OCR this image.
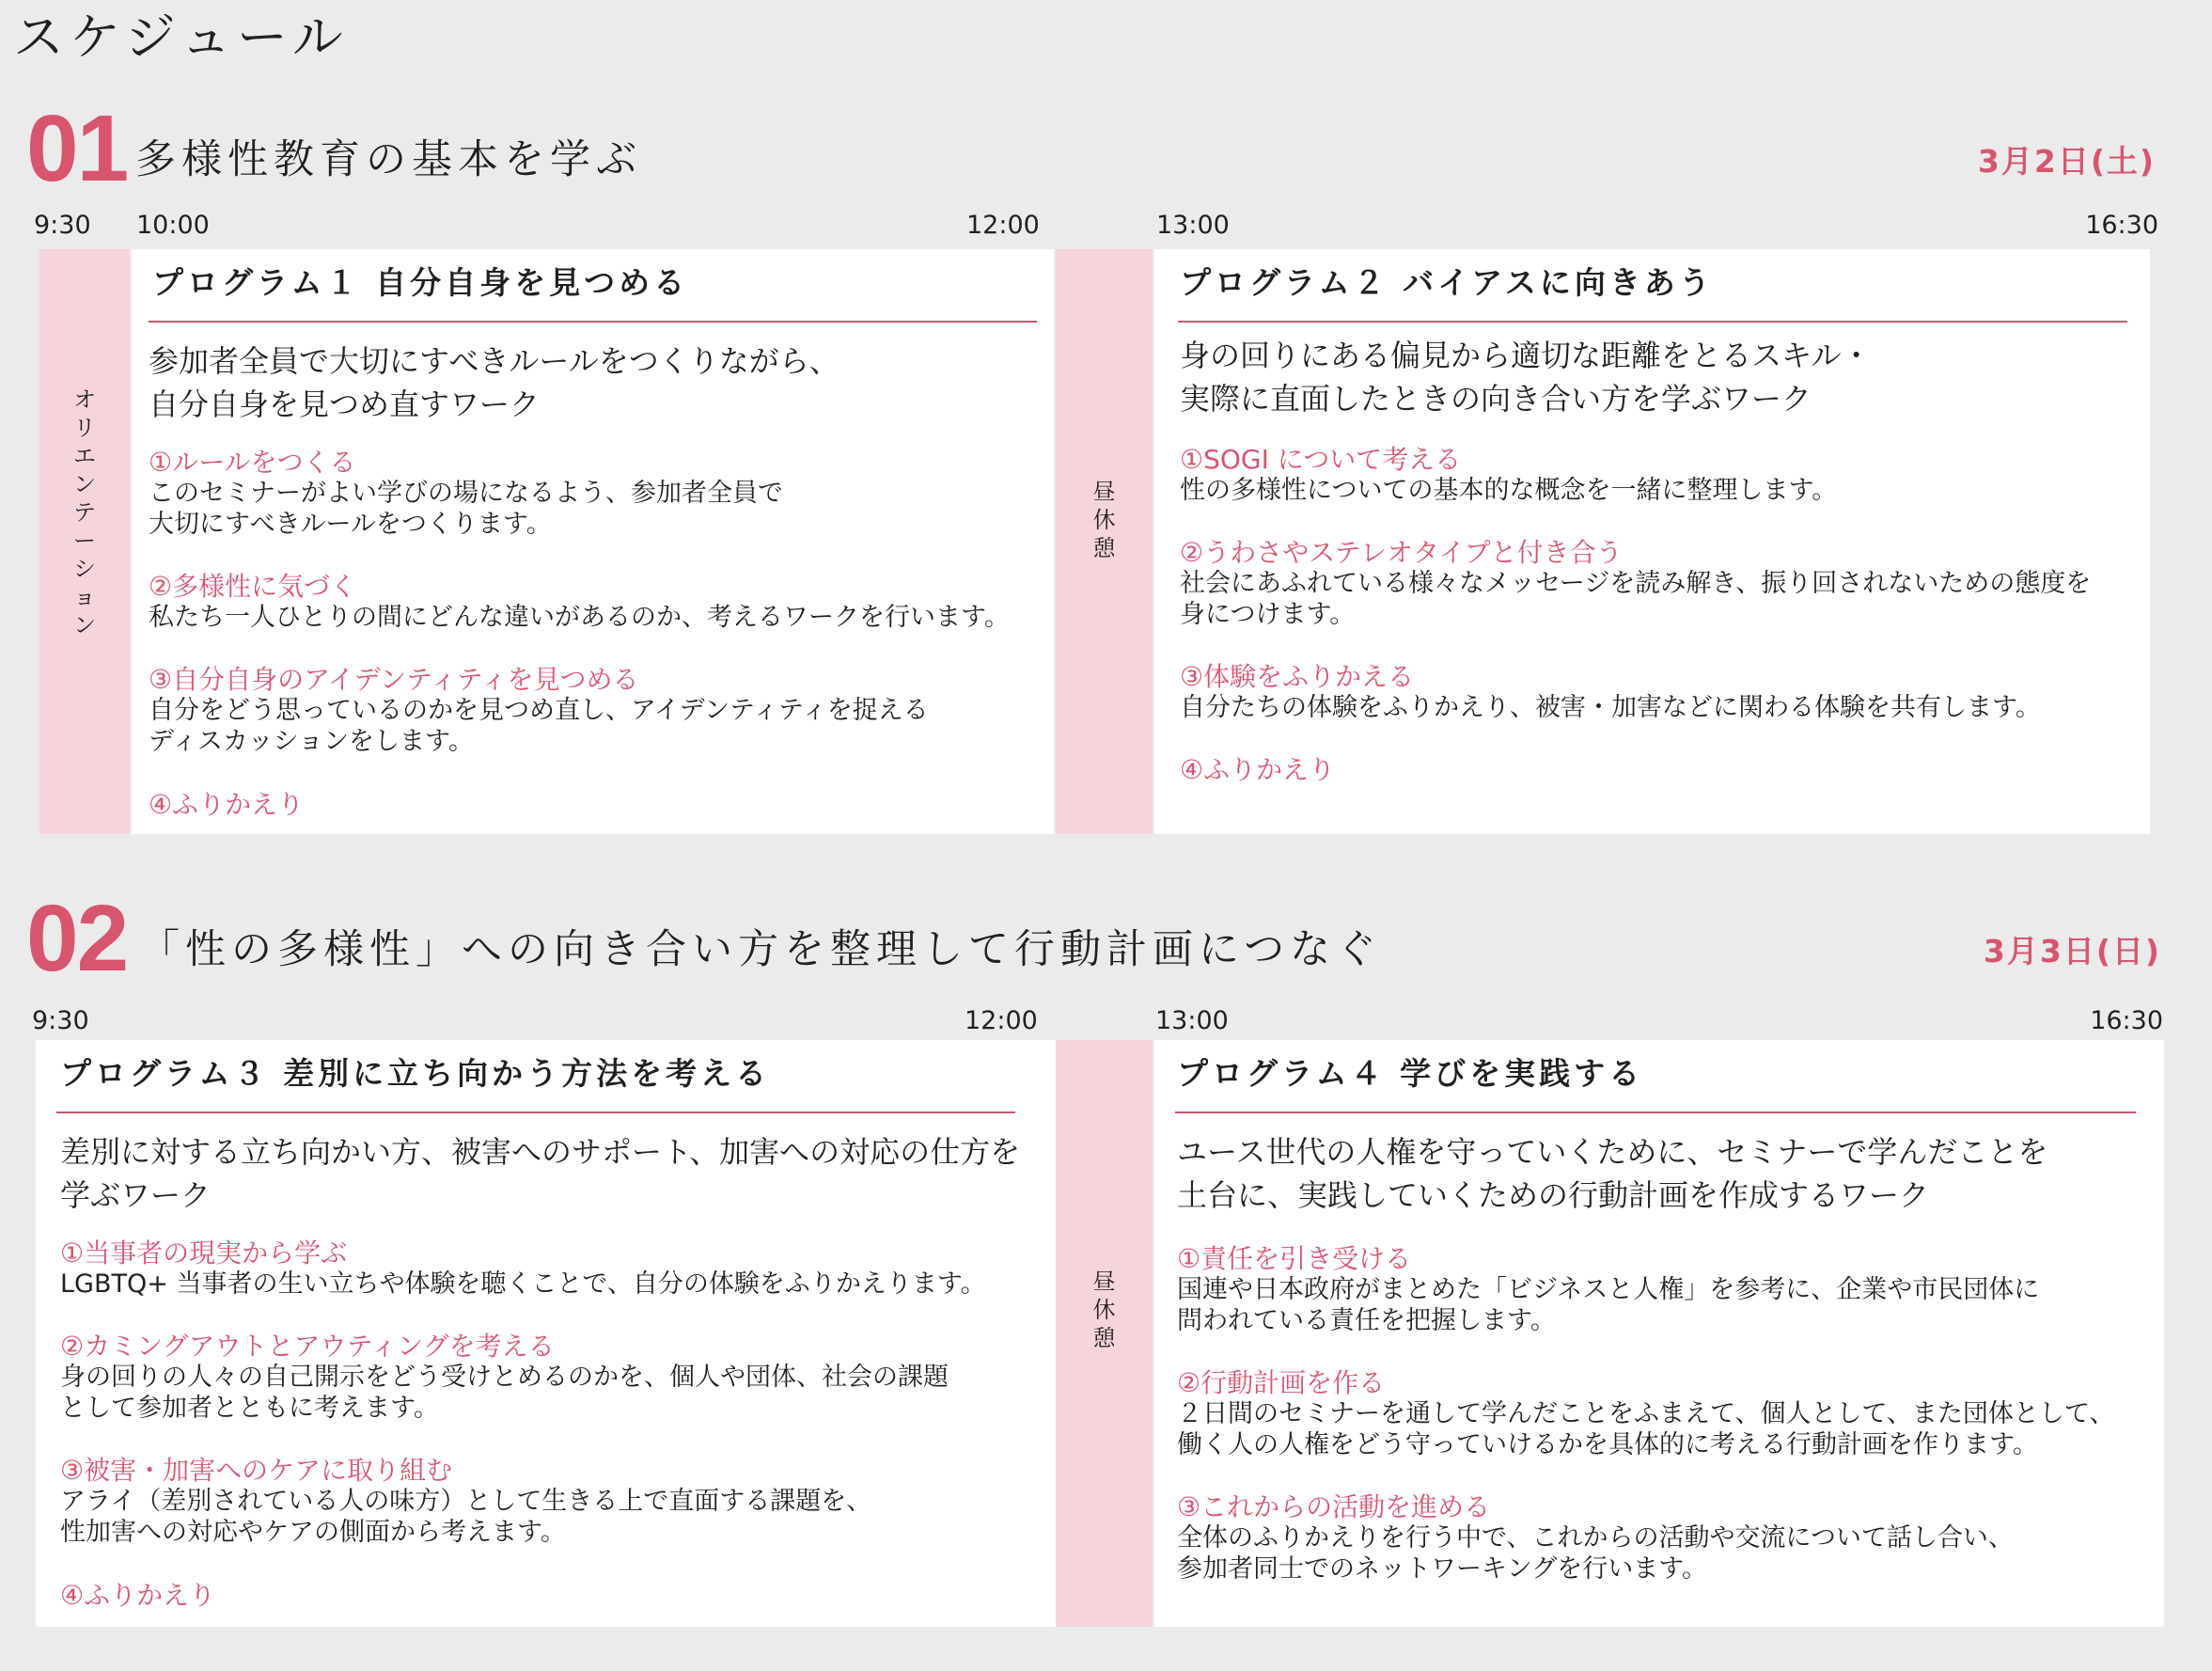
スケジュール
01 多様性教育の基本を学ぶ	3月2日(土)
9:30 10:00	12:00	13:00	16:30
オ
リ
エ
ン
テ
ー
シ
ョ
ン
プログラム１ 自分自身を見つめる
参加者全員で大切にすべきルールをつくりながら、
自分自身を見つめ直すワーク
①ルールをつくる
このセミナーがよい学びの場になるよう、参加者全員で
大切にすべきルールをつくります。
②多様性に気づく
私たち一人ひとりの間にどんな違いがあるのか、考えるワークを行います。
③自分自身のアイデンティティを見つめる
自分をどう思っているのかを見つめ直し、アイデンティティを捉える
ディスカッションをします。
④ふりかえり
昼
休
憩
プログラム２ バイアスに向きあう
身の回りにある偏見から適切な距離をとるスキル・
実際に直面したときの向き合い方を学ぶワーク
①SOGI について考える
性の多様性についての基本的な概念を一緒に整理します。
②うわさやステレオタイプと付き合う
社会にあふれている様々なメッセージを読み解き、振り回されないための態度を
身につけます。
③体験をふりかえる
自分たちの体験をふりかえり、被害・加害などに関わる体験を共有します。
④ふりかえり
02 「性の多様性」への向き合い方を整理して行動計画につなぐ	3月3日(日)
9:30	12:00	13:00	16:30
プログラム３ 差別に立ち向かう方法を考える
差別に対する立ち向かい方、被害へのサポート、加害への対応の仕方を
学ぶワーク
①当事者の現実から学ぶ
LGBTQ+ 当事者の生い立ちや体験を聴くことで、自分の体験をふりかえります。
②カミングアウトとアウティングを考える
身の回りの人々の自己開示をどう受けとめるのかを、個人や団体、社会の課題
として参加者とともに考えます。
③被害・加害へのケアに取り組む
アライ（差別されている人の味方）として生きる上で直面する課題を、
性加害への対応やケアの側面から考えます。
④ふりかえり
昼
休
憩
プログラム４ 学びを実践する
ユース世代の人権を守っていくために、セミナーで学んだことを
土台に、実践していくための行動計画を作成するワーク
①責任を引き受ける
国連や日本政府がまとめた「ビジネスと人権」を参考に、企業や市民団体に
問われている責任を把握します。
②行動計画を作る
２日間のセミナーを通して学んだことをふまえて、個人として、また団体として、
働く人の人権をどう守っていけるかを具体的に考える行動計画を作ります。
③これからの活動を進める
全体のふりかえりを行う中で、これからの活動や交流について話し合い、
参加者同士でのネットワーキングを行います。
